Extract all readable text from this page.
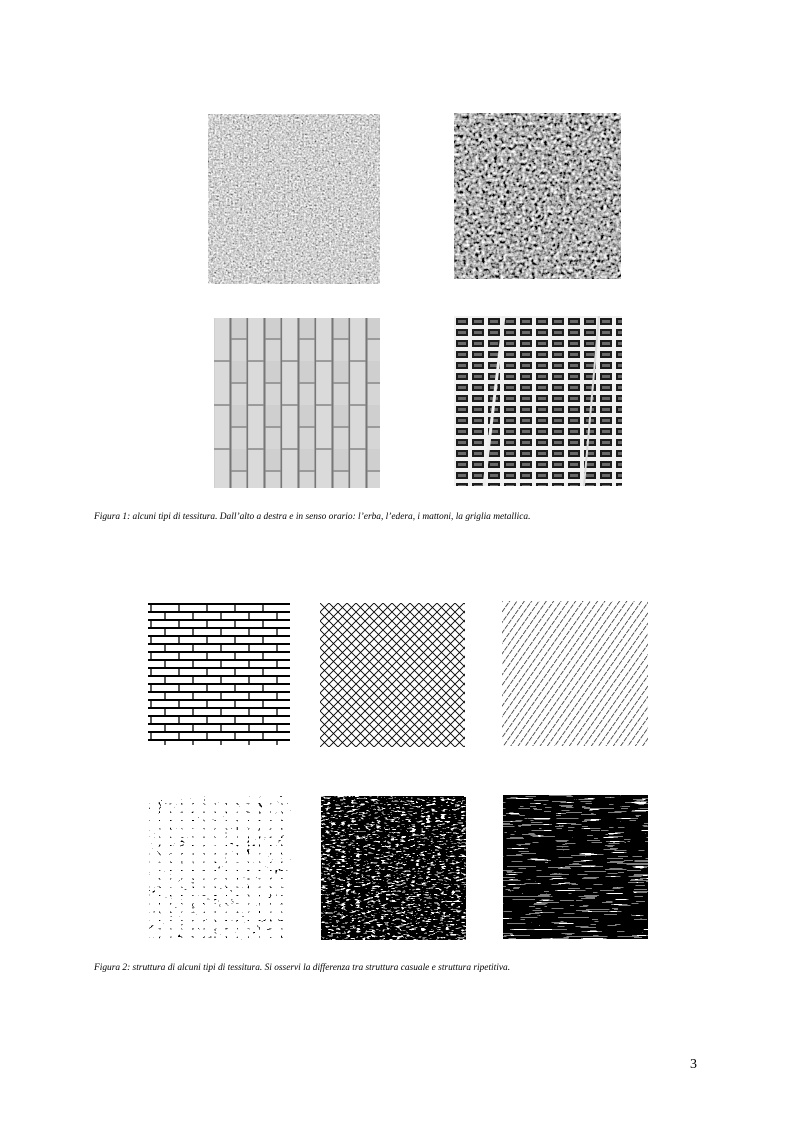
Figura 1: alcuni tipi di tessitura. Dall’alto a destra e in senso orario: l’erba, l’edera, i mattoni, la griglia metallica.
Figura 2: struttura di alcuni tipi di tessitura. Si osservi la differenza tra struttura casuale e struttura ripetitiva.
3
